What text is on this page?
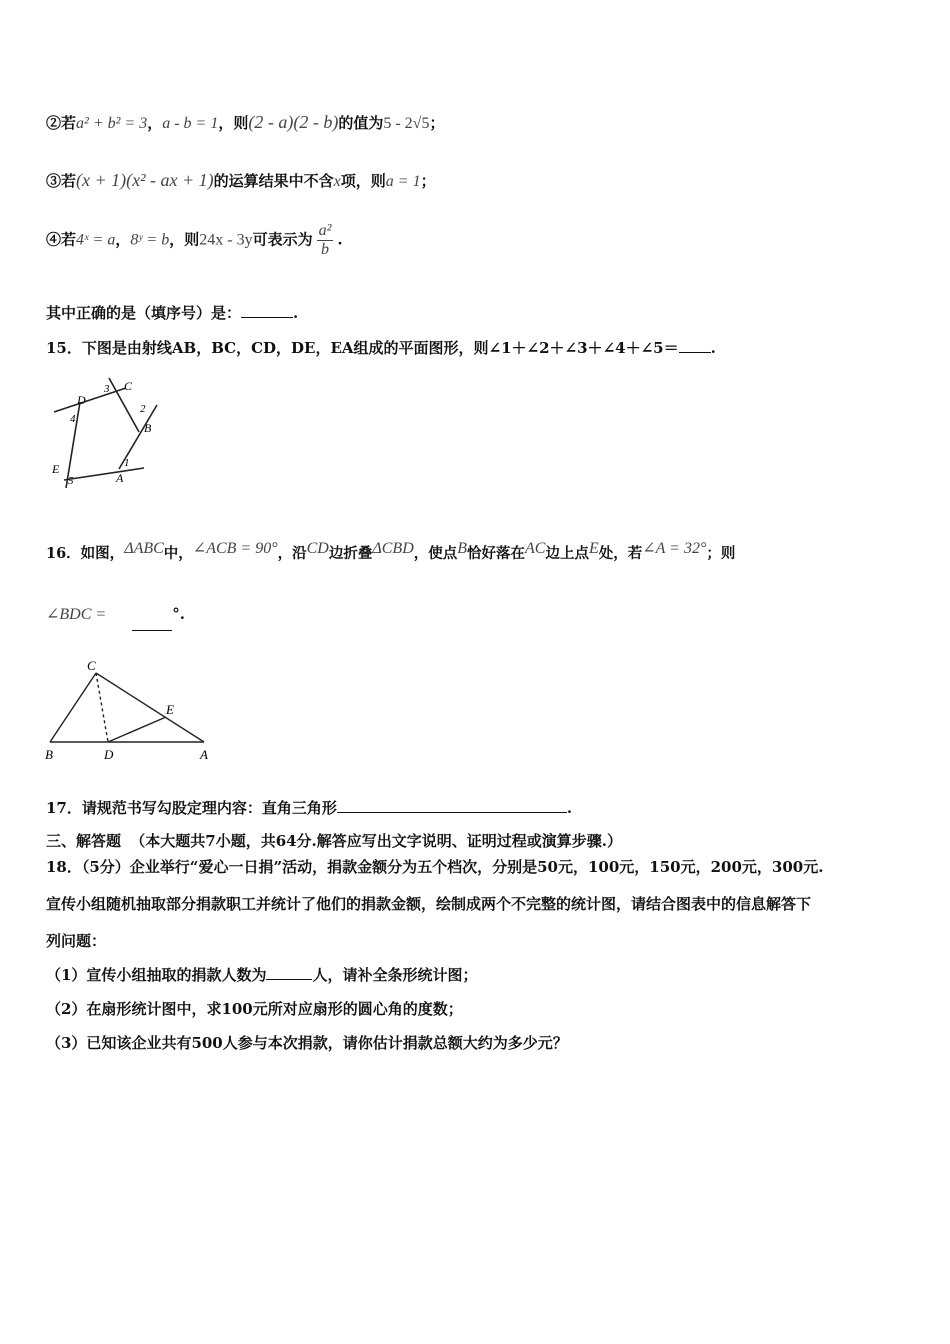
②若a² + b² = 3，a - b = 1，则(2 - a)(2 - b)的值为5 - 2√5；
③若(x + 1)(x² - ax + 1)的运算结果中不含x项，则a = 1；
④若4ˣ = a，8ʸ = b，则24x - 3y可表示为 $\frac{\text{a²}}{b}$ .
其中正确的是（填序号）是：	.
15．下图是由射线AB，BC，CD，DE，EA组成的平面图形，则∠1＋∠2＋∠3＋∠4＋∠5＝ .
A
B
C
D
E	1
2
3
4
5
16．如图，ΔABC中，∠ACB = 90°，沿CD边折叠ΔCBD，使点B恰好落在AC边上点E处，若∠A = 32°；则
∠BDC =	°.
B	A
C
D
E
17．请规范书写勾股定理内容：直角三角形	.
三、解答题 （本大题共7小题，共64分.解答应写出文字说明、证明过程或演算步骤.）
18．（5分）企业举行“爱心一日捐”活动，捐款金额分为五个档次，分别是50元，100元，150元，200元，300元.
宣传小组随机抽取部分捐款职工并统计了他们的捐款金额，绘制成两个不完整的统计图，请结合图表中的信息解答下
列问题：
（1）宣传小组抽取的捐款人数为	人，请补全条形统计图；
（2）在扇形统计图中，求100元所对应扇形的圆心角的度数；
（3）已知该企业共有500人参与本次捐款，请你估计捐款总额大约为多少元？
